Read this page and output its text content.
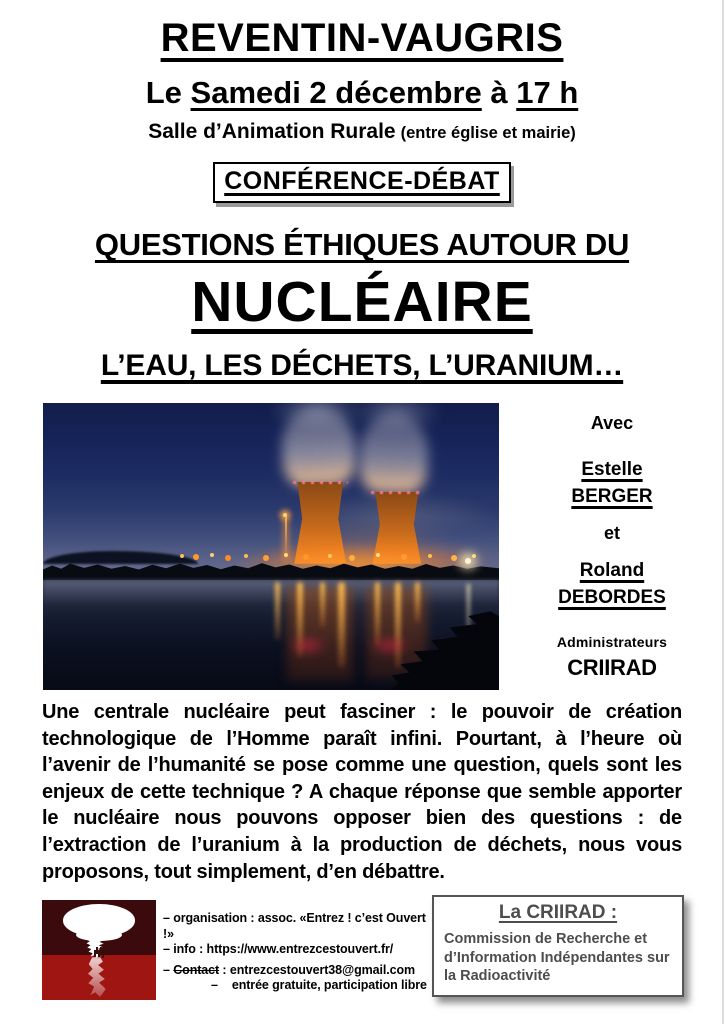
REVENTIN-VAUGRIS
Le Samedi 2 décembre à 17 h
Salle d’Animation Rurale (entre église et mairie)
CONFÉRENCE-DÉBAT
QUESTIONS ÉTHIQUES AUTOUR DU
NUCLÉAIRE
L’EAU, LES DÉCHETS, L’URANIUM…
Avec
Estelle
BERGER
et
Roland
DEBORDES
Administrateurs
CRIIRAD

Une centrale nucléaire peut fasciner : le pouvoir de création technologique de l’Homme paraît infini. Pourtant, à l’heure où l’avenir de l’humanité se pose comme une question, quels sont les enjeux de cette technique ? A chaque réponse que semble apporter le nucléaire nous pouvons opposer bien des questions : de l’extraction de l’uranium à la production de déchets, nous vous proposons, tout simplement, d’en débattre.

– organisation : assoc. «Entrez ! c’est Ouvert !»
– info : https://www.entrezcestouvert.fr/
– Contact : entrezcestouvert38@gmail.com
– entrée gratuite, participation libre
La CRIIRAD :
Commission de Recherche et d’Information Indépendantes sur la Radioactivité
